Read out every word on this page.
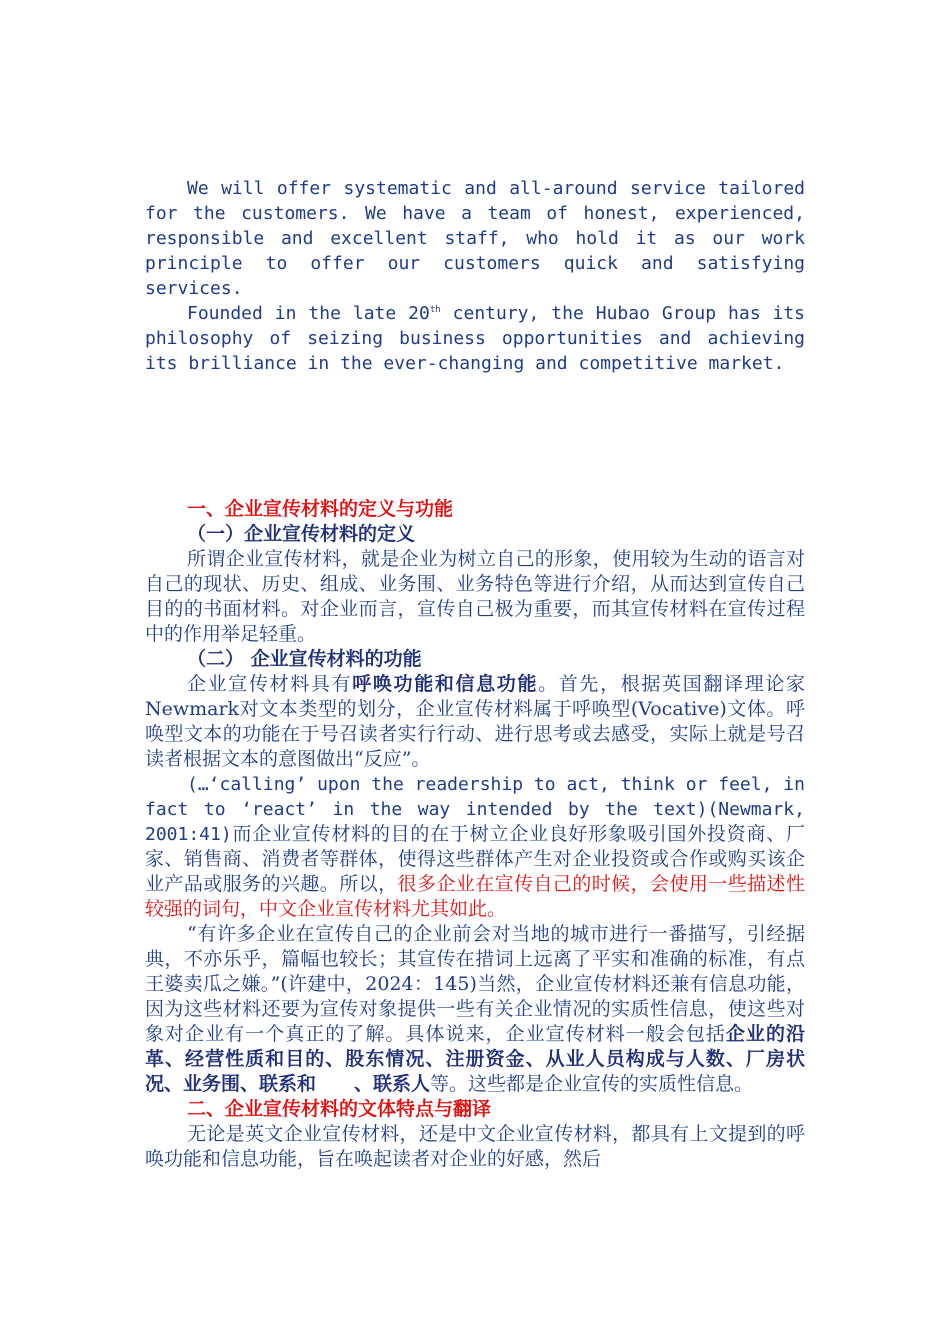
We will offer systematic and all-around service tailored for the customers. We have a team of honest, experienced, responsible and excellent staff, who hold it as our work principle to offer our customers quick and satisfying services.

Founded in the late 20th century, the Hubao Group has its philosophy of seizing business opportunities and achieving its brilliance in the ever-changing and competitive market.

一、企业宣传材料的定义与功能

（一）企业宣传材料的定义

所谓企业宣传材料，就是企业为树立自己的形象，使用较为生动的语言对自己的现状、历史、组成、业务围、业务特色等进行介绍，从而达到宣传自己目的的书面材料。对企业而言，宣传自己极为重要，而其宣传材料在宣传过程中的作用举足轻重。

（二） 企业宣传材料的功能

企业宣传材料具有呼唤功能和信息功能。首先，根据英国翻译理论家Newmark对文本类型的划分，企业宣传材料属于呼唤型(Vocative)文体。呼唤型文本的功能在于号召读者实行行动、进行思考或去感受，实际上就是号召读者根据文本的意图做出“反应”。

(…‘calling’ upon the readership to act, think or feel, in fact to ‘react’ in the way intended by the text)(Newmark, 2001:41)而企业宣传材料的目的在于树立企业良好形象吸引国外投资商、厂家、销售商、消费者等群体，使得这些群体产生对企业投资或合作或购买该企业产品或服务的兴趣。所以，很多企业在宣传自己的时候，会使用一些描述性较强的词句，中文企业宣传材料尤其如此。

“有许多企业在宣传自己的企业前会对当地的城市进行一番描写，引经据典，不亦乐乎，篇幅也较长；其宣传在措词上远离了平实和准确的标准，有点王婆卖瓜之嫌。”(许建中，2024：145)当然，企业宣传材料还兼有信息功能，因为这些材料还要为宣传对象提供一些有关企业情况的实质性信息，使这些对象对企业有一个真正的了解。具体说来，企业宣传材料一般会包括企业的沿革、经营性质和目的、股东情况、注册资金、从业人员构成与人数、厂房状况、业务围、联系和　　、联系人等。这些都是企业宣传的实质性信息。

二、企业宣传材料的文体特点与翻译

无论是英文企业宣传材料，还是中文企业宣传材料，都具有上文提到的呼唤功能和信息功能，旨在唤起读者对企业的好感，然后
